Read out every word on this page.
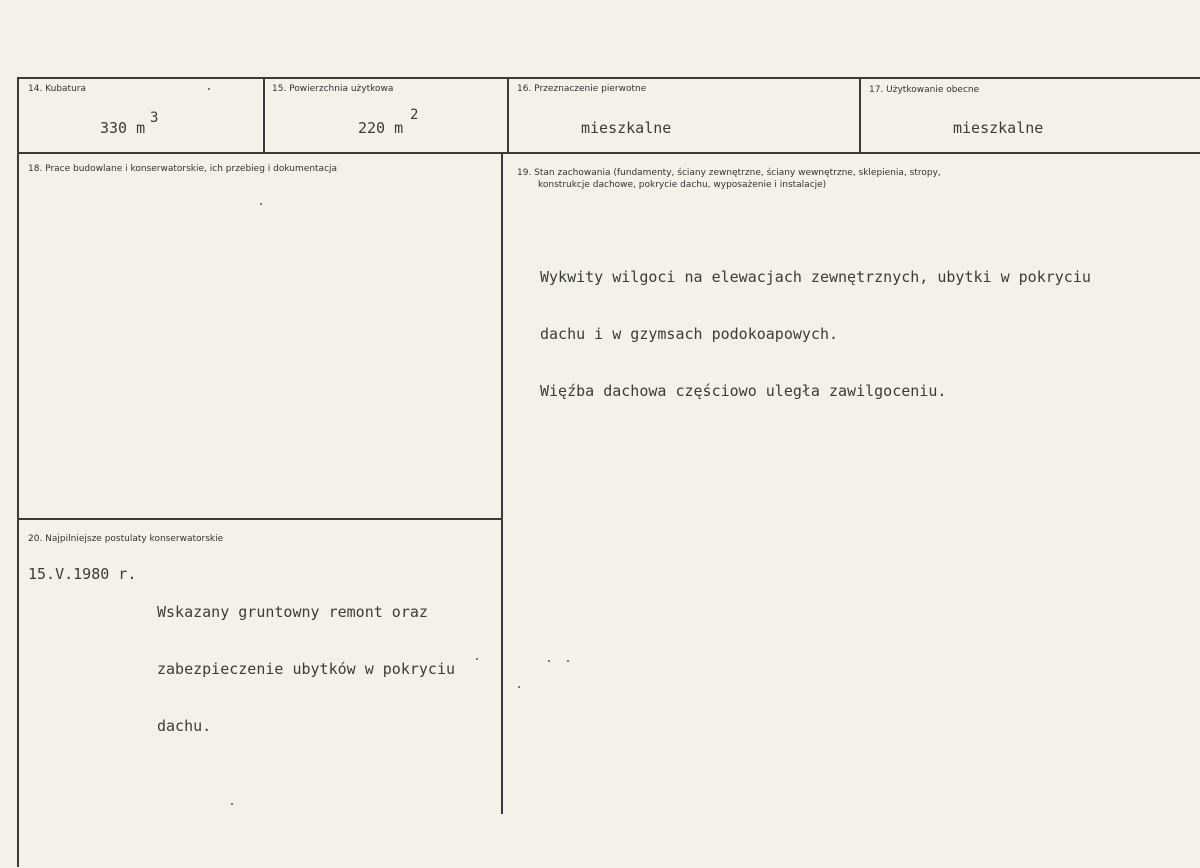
14. Kubatura
330 m
3
15. Powierzchnia użytkowa
220 m
2
16. Przeznaczenie pierwotne
mieszkalne
17. Użytkowanie obecne
mieszkalne
18. Prace budowlane i konserwatorskie, ich przebieg i dokumentacja	19. Stan zachowania (fundamenty, ściany zewnętrzne, ściany wewnętrzne, sklepienia, stropy,
konstrukcje dachowe, pokrycie dachu, wyposażenie i instalacje)

Wykwity wilgoci na elewacjach zewnętrznych, ubytki w pokryciu

dachu i w gzymsach podokoapowych.

Więźba dachowa częściowo uległa zawilgoceniu.

20. Najpilniejsze postulaty konserwatorskie
15.V.1980 r.

Wskazany gruntowny remont oraz

zabezpieczenie ubytków w pokryciu

dachu.
